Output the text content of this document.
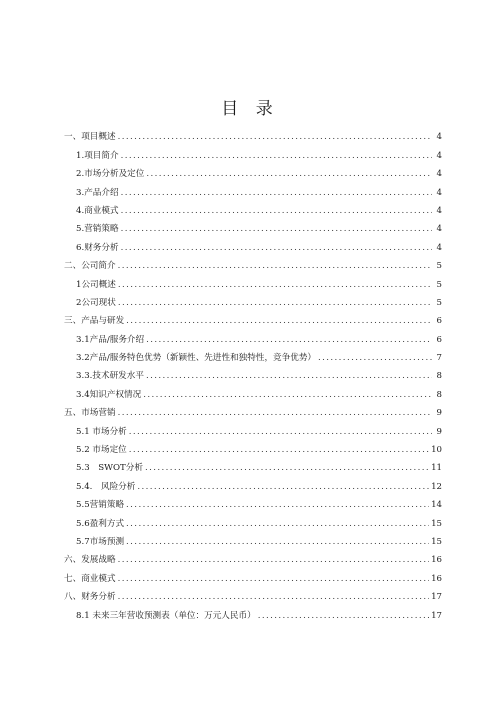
目 录
一、项目概述 .....	4
1.项目简介 .....	4
2.市场分析及定位 .....	4
3.产品介绍 .....	4
4.商业模式 .....	4
5.营销策略 .....	4
6.财务分析 .....	4
二、公司简介 .....	5
1公司概述 .....	5
2公司现状 .....	5
三、产品与研发 .....	6
3.1产品/服务介绍 .....	6
3.2产品/服务特色优势（新颖性、先进性和独特性，竞争优势） .....	7
3.3.技术研发水平 .....	8
3.4知识产权情况 .....	8
五、市场营销 .....	9
5.1 市场分析 .....	9
5.2 市场定位 .....	10
5.3　SWOT分析 .....	11
5.4.　风险分析 .....	12
5.5营销策略 .....	14
5.6盈利方式 .....	15
5.7市场预测 .....	15
六、发展战略 .....	16
七、商业模式 .....	16
八、财务分析 .....	17
8.1 未来三年营收预测表（单位：万元人民币） .....	17
